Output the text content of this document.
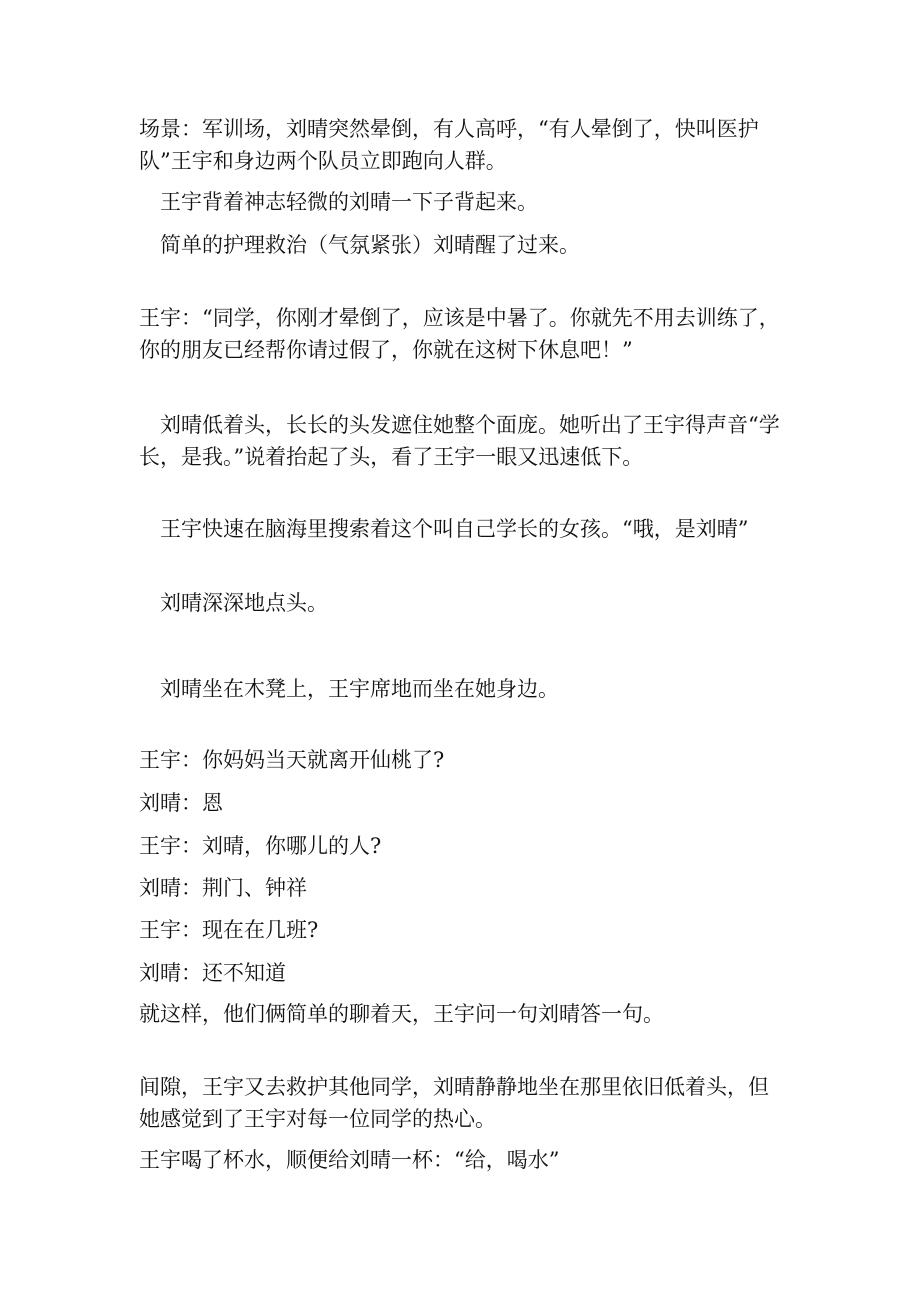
场景：军训场，刘晴突然晕倒，有人高呼，“有人晕倒了，快叫医护队”王宇和身边两个队员立即跑向人群。

　王宇背着神志轻微的刘晴一下子背起来。

　简单的护理救治（气氛紧张）刘晴醒了过来。

王宇：“同学，你刚才晕倒了，应该是中暑了。你就先不用去训练了，你的朋友已经帮你请过假了，你就在这树下休息吧！”

　刘晴低着头，长长的头发遮住她整个面庞。她听出了王宇得声音“学长，是我。”说着抬起了头，看了王宇一眼又迅速低下。

　王宇快速在脑海里搜索着这个叫自己学长的女孩。“哦，是刘晴”

　刘晴深深地点头。

　刘晴坐在木凳上，王宇席地而坐在她身边。

王宇：你妈妈当天就离开仙桃了?

刘晴：恩

王宇：刘晴，你哪儿的人?

刘晴：荆门、钟祥

王宇：现在在几班?

刘晴：还不知道

就这样，他们俩简单的聊着天，王宇问一句刘晴答一句。

间隙，王宇又去救护其他同学，刘晴静静地坐在那里依旧低着头，但她感觉到了王宇对每一位同学的热心。

王宇喝了杯水，顺便给刘晴一杯：“给，喝水”
